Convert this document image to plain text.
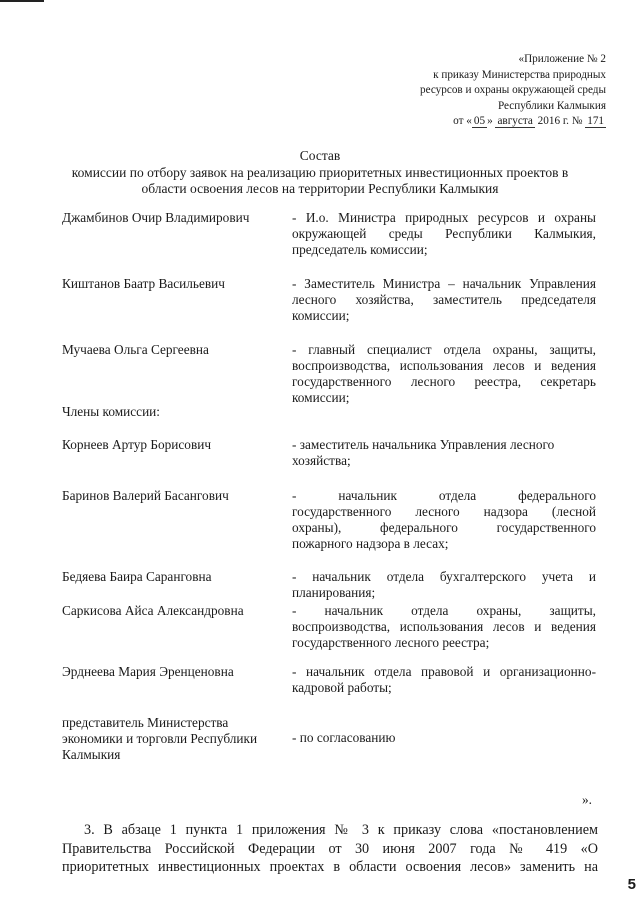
«Приложение № 2
к приказу Министерства природных
ресурсов и охраны окружающей среды
Республики Калмыкия
от « 05 » августа 2016 г. № 171
Состав
комиссии по отбору заявок на реализацию приоритетных инвестиционных проектов в
области освоения лесов на территории Республики Калмыкия
Джамбинов Очир Владимирович	- И.о. Министра природных ресурсов и охраны
окружающей среды Республики Калмыкия,
председатель комиссии;
Киштанов Баатр Васильевич	- Заместитель Министра – начальник Управления
лесного хозяйства, заместитель председателя
комиссии;
Мучаева Ольга Сергеевна	- главный специалист отдела охраны, защиты,
воспроизводства, использования лесов и ведения
государственного лесного реестра, секретарь
комиссии;
Члены комиссии:
Корнеев Артур Борисович	- заместитель начальника Управления лесного
хозяйства;
Баринов Валерий Басангович	- начальник отдела федерального
государственного лесного надзора (лесной
охраны), федерального государственного
пожарного надзора в лесах;
Бедяева Баира Саранговна	- начальник отдела бухгалтерского учета и
планирования;
Саркисова Айса Александровна	- начальник отдела охраны, защиты,
воспроизводства, использования лесов и ведения
государственного лесного реестра;
Эрднеева Мария Эренценовна	- начальник отдела правовой и организационно-
кадровой работы;
представитель Министерства экономики и торговли Республики Калмыкия
- по согласованию
».
3. В абзаце 1 пункта 1 приложения № 3 к приказу слова «постановлением
Правительства Российской Федерации от 30 июня 2007 года № 419 «О
приоритетных инвестиционных проектах в области освоения лесов» заменить на
5
